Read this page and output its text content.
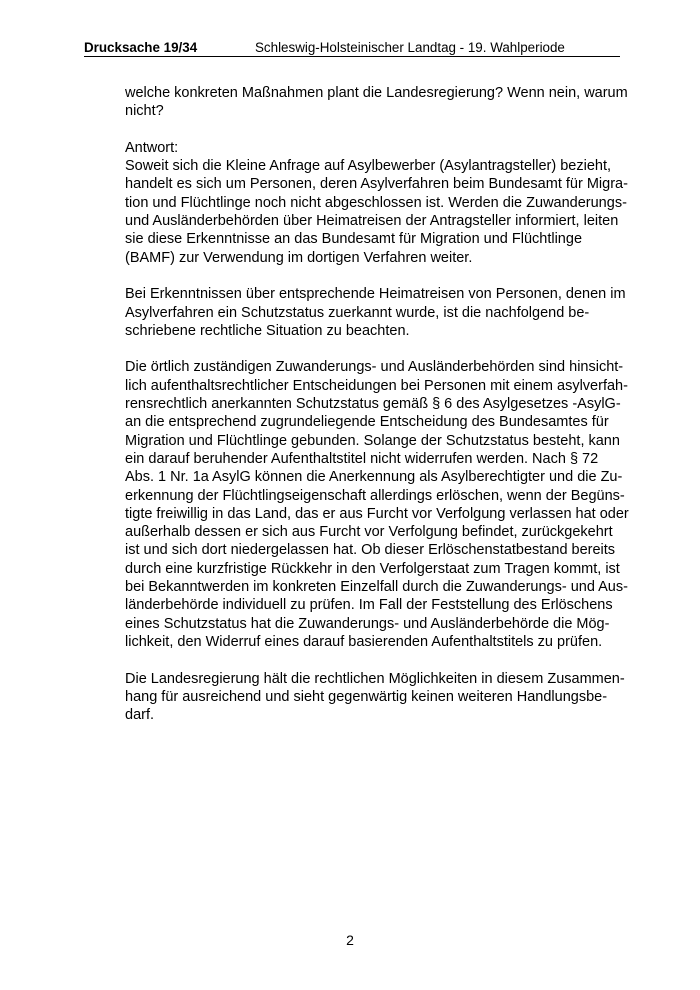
Drucksache 19/34	Schleswig-Holsteinischer Landtag - 19. Wahlperiode

welche konkreten Maßnahmen plant die Landesregierung? Wenn nein, warum
nicht?

Antwort:
Soweit sich die Kleine Anfrage auf Asylbewerber (Asylantragsteller) bezieht,
handelt es sich um Personen, deren Asylverfahren beim Bundesamt für Migra-
tion und Flüchtlinge noch nicht abgeschlossen ist. Werden die Zuwanderungs-
und Ausländerbehörden über Heimatreisen der Antragsteller informiert, leiten
sie diese Erkenntnisse an das Bundesamt für Migration und Flüchtlinge
(BAMF) zur Verwendung im dortigen Verfahren weiter.

Bei Erkenntnissen über entsprechende Heimatreisen von Personen, denen im
Asylverfahren ein Schutzstatus zuerkannt wurde, ist die nachfolgend be-
schriebene rechtliche Situation zu beachten.

Die örtlich zuständigen Zuwanderungs- und Ausländerbehörden sind hinsicht-
lich aufenthaltsrechtlicher Entscheidungen bei Personen mit einem asylverfah-
rensrechtlich anerkannten Schutzstatus gemäß § 6 des Asylgesetzes -AsylG-
an die entsprechend zugrundeliegende Entscheidung des Bundesamtes für
Migration und Flüchtlinge gebunden. Solange der Schutzstatus besteht, kann
ein darauf beruhender Aufenthaltstitel nicht widerrufen werden. Nach § 72
Abs. 1 Nr. 1a AsylG können die Anerkennung als Asylberechtigter und die Zu-
erkennung der Flüchtlingseigenschaft allerdings erlöschen, wenn der Begüns-
tigte freiwillig in das Land, das er aus Furcht vor Verfolgung verlassen hat oder
außerhalb dessen er sich aus Furcht vor Verfolgung befindet, zurückgekehrt
ist und sich dort niedergelassen hat. Ob dieser Erlöschenstatbestand bereits
durch eine kurzfristige Rückkehr in den Verfolgerstaat zum Tragen kommt, ist
bei Bekanntwerden im konkreten Einzelfall durch die Zuwanderungs- und Aus-
länderbehörde individuell zu prüfen. Im Fall der Feststellung des Erlöschens
eines Schutzstatus hat die Zuwanderungs- und Ausländerbehörde die Mög-
lichkeit, den Widerruf eines darauf basierenden Aufenthaltstitels zu prüfen.

Die Landesregierung hält die rechtlichen Möglichkeiten in diesem Zusammen-
hang für ausreichend und sieht gegenwärtig keinen weiteren Handlungsbe-
darf.

2
